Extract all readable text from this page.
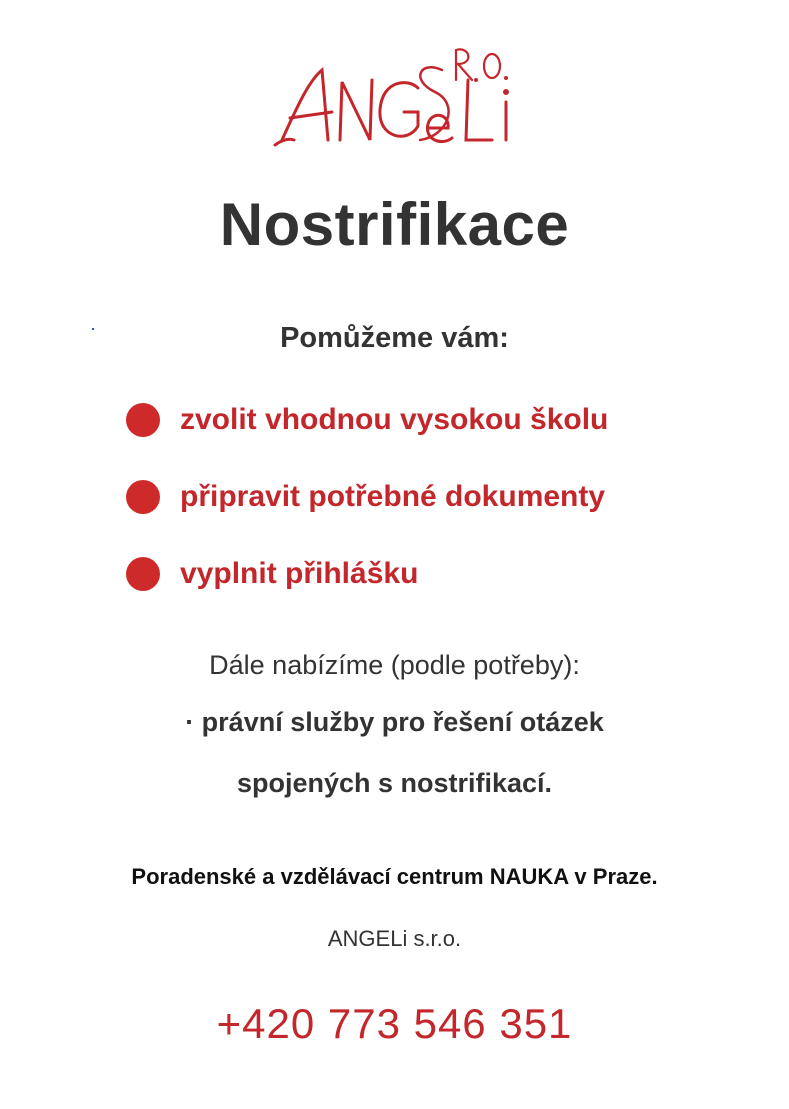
Nostrifikace
Pomůžeme vám:
zvolit vhodnou vysokou školu
připravit potřebné dokumenty
vyplnit přihlášku
Dále nabízíme (podle potřeby):
· právní služby pro řešení otázek
spojených s nostrifikací.
Poradenské a vzdělávací centrum NAUKA v Praze.
ANGELi s.r.o.
+420 773 546 351
